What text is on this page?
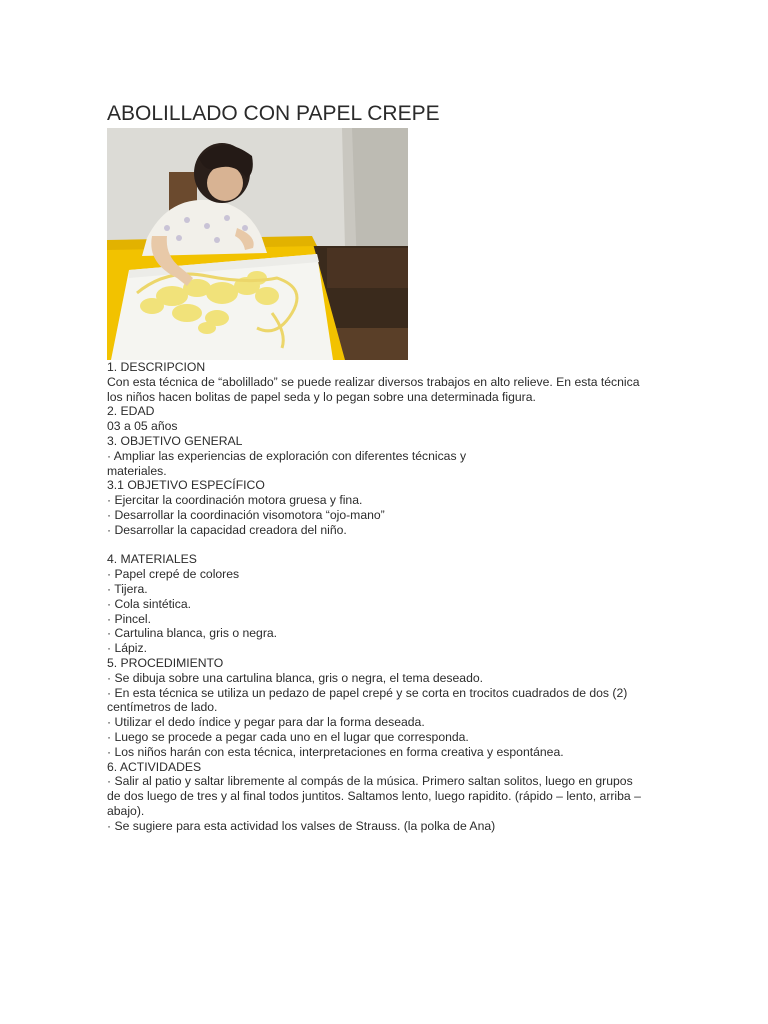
ABOLILLADO CON PAPEL CREPE
1. DESCRIPCION
Con esta técnica de “abolillado” se puede realizar diversos trabajos en alto relieve. En esta técnica
los niños hacen bolitas de papel seda y lo pegan sobre una determinada figura.
2. EDAD
03 a 05 años
3. OBJETIVO GENERAL
· Ampliar las experiencias de exploración con diferentes técnicas y
materiales.
3.1 OBJETIVO ESPECÍFICO
· Ejercitar la coordinación motora gruesa y fina.
· Desarrollar la coordinación visomotora “ojo-mano”
· Desarrollar la capacidad creadora del niño.
4. MATERIALES
· Papel crepé de colores
· Tijera.
· Cola sintética.
· Pincel.
· Cartulina blanca, gris o negra.
· Lápiz.
5. PROCEDIMIENTO
· Se dibuja sobre una cartulina blanca, gris o negra, el tema deseado.
· En esta técnica se utiliza un pedazo de papel crepé y se corta en trocitos cuadrados de dos (2)
centímetros de lado.
· Utilizar el dedo índice y pegar para dar la forma deseada.
· Luego se procede a pegar cada uno en el lugar que corresponda.
· Los niños harán con esta técnica, interpretaciones en forma creativa y espontánea.
6. ACTIVIDADES
· Salir al patio y saltar libremente al compás de la música. Primero saltan solitos, luego en grupos
de dos luego de tres y al final todos juntitos. Saltamos lento, luego rapidito. (rápido – lento, arriba –
abajo).
· Se sugiere para esta actividad los valses de Strauss. (la polka de Ana)
